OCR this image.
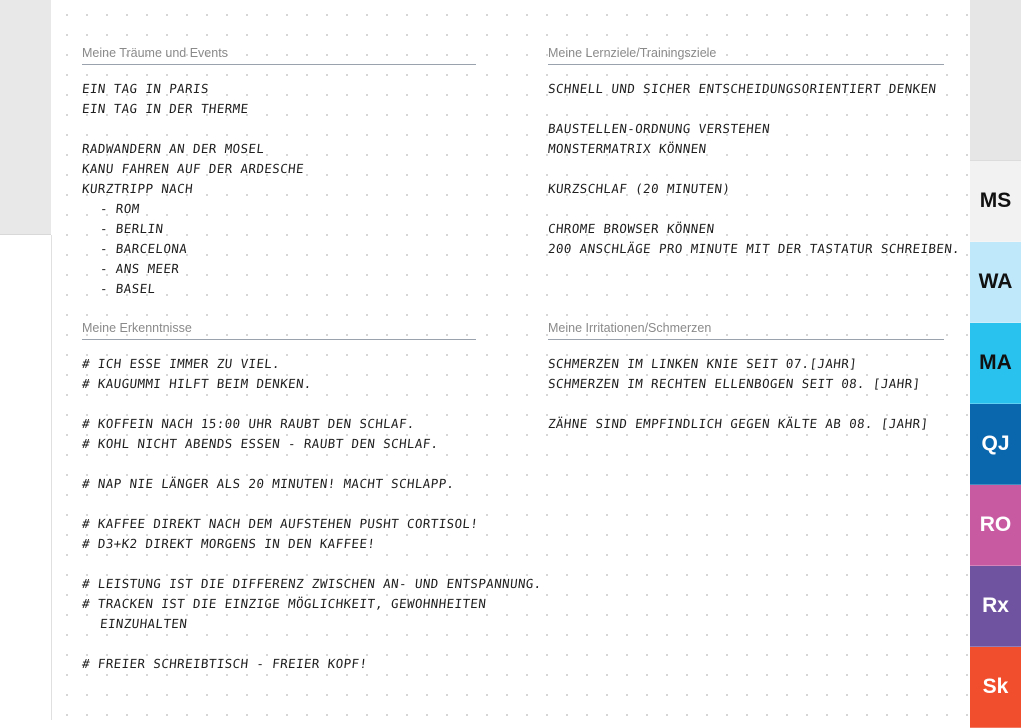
Meine Träume und Events
EIN TAG IN PARIS
EIN TAG IN DER THERME
RADWANDERN AN DER MOSEL
KANU FAHREN AUF DER ARDESCHE
KURZTRIPP NACH
- ROM
- BERLIN
- BARCELONA
- ANS MEER
- BASEL
Meine Lernziele/Trainingsziele
SCHNELL UND SICHER ENTSCHEIDUNGSORIENTIERT DENKEN
BAUSTELLEN-ORDNUNG VERSTEHEN
MONSTERMATRIX KÖNNEN
KURZSCHLAF (20 MINUTEN)
CHROME BROWSER KÖNNEN
200 ANSCHLÄGE PRO MINUTE MIT DER TASTATUR SCHREIBEN.
Meine Erkenntnisse
# ICH ESSE IMMER ZU VIEL.
# KAUGUMMI HILFT BEIM DENKEN.
# KOFFEIN NACH 15:00 UHR RAUBT DEN SCHLAF.
# KOHL NICHT ABENDS ESSEN - RAUBT DEN SCHLAF.
# NAP NIE LÄNGER ALS 20 MINUTEN! MACHT SCHLAPP.
# KAFFEE DIREKT NACH DEM AUFSTEHEN PUSHT CORTISOL!
# D3+K2 DIREKT MORGENS IN DEN KAFFEE!
# LEISTUNG IST DIE DIFFERENZ ZWISCHEN AN- UND ENTSPANNUNG.
# TRACKEN IST DIE EINZIGE MÖGLICHKEIT, GEWOHNHEITEN
EINZUHALTEN
# FREIER SCHREIBTISCH - FREIER KOPF!
Meine Irritationen/Schmerzen
SCHMERZEN IM LINKEN KNIE SEIT 07.[JAHR]
SCHMERZEN IM RECHTEN ELLENBOGEN SEIT 08. [JAHR]
ZÄHNE SIND EMPFINDLICH GEGEN KÄLTE AB 08. [JAHR]
MS
WA
MA
QJ
RO
Rx
Sk
